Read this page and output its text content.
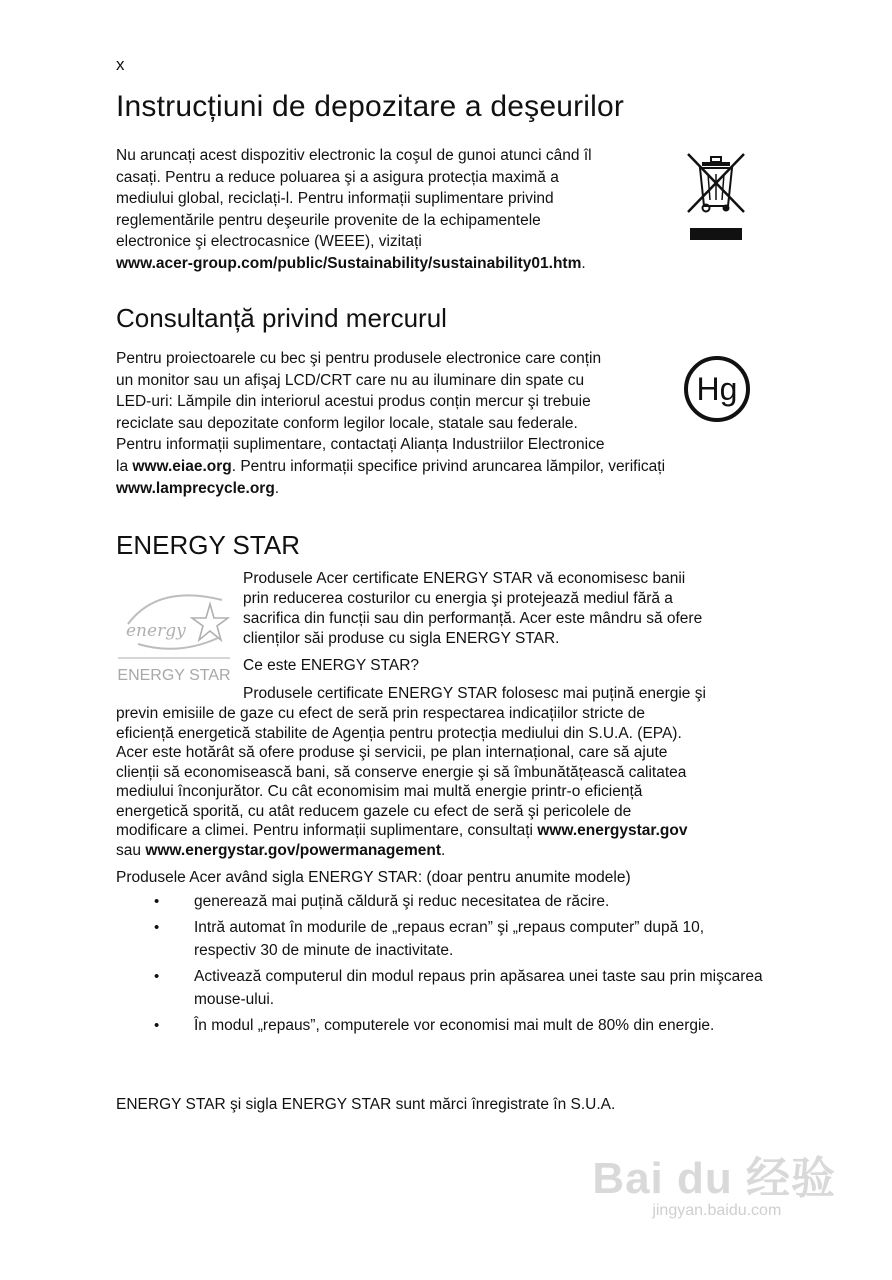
x
Instrucțiuni de depozitare a deşeurilor
Nu aruncați acest dispozitiv electronic la coşul de gunoi atunci când îl
casați. Pentru a reduce poluarea şi a asigura protecția maximă a
mediului global, reciclați-l. Pentru informații suplimentare privind
reglementările pentru deşeurile provenite de la echipamentele
electronice şi electrocasnice (WEEE), vizitați
www.acer-group.com/public/Sustainability/sustainability01.htm.
Consultanță privind mercurul
Pentru proiectoarele cu bec şi pentru produsele electronice care conțin
un monitor sau un afişaj LCD/CRT care nu au iluminare din spate cu
LED-uri: Lămpile din interiorul acestui produs conțin mercur şi trebuie
reciclate sau depozitate conform legilor locale, statale sau federale.
Pentru informații suplimentare, contactați Alianța Industriilor Electronice
la www.eiae.org. Pentru informații specifice privind aruncarea lămpilor, verificați
www.lamprecycle.org.
Hg
ENERGY STAR
energy
ENERGY STAR
Produsele Acer certificate ENERGY STAR vă economisesc banii
prin reducerea costurilor cu energia şi protejează mediul fără a
sacrifica din funcții sau din performanță. Acer este mândru să ofere
clienților săi produse cu sigla ENERGY STAR.
Ce este ENERGY STAR?
Produsele certificate ENERGY STAR folosesc mai puțină energie şi
previn emisiile de gaze cu efect de seră prin respectarea indicațiilor stricte de
eficiență energetică stabilite de Agenția pentru protecția mediului din S.U.A. (EPA).
Acer este hotărât să ofere produse şi servicii, pe plan internațional, care să ajute
clienții să economisească bani, să conserve energie şi să îmbunătățească calitatea
mediului înconjurător. Cu cât economisim mai multă energie printr-o eficiență
energetică sporită, cu atât reducem gazele cu efect de seră şi pericolele de
modificare a climei. Pentru informații suplimentare, consultați www.energystar.gov
sau www.energystar.gov/powermanagement.
Produsele Acer având sigla ENERGY STAR: (doar pentru anumite modele)
• generează mai puțină căldură şi reduc necesitatea de răcire.
• Intră automat în modurile de „repaus ecran” şi „repaus computer” după 10, respectiv 30 de minute de inactivitate.
• Activează computerul din modul repaus prin apăsarea unei taste sau prin mişcarea mouse-ului.
• În modul „repaus”, computerele vor economisi mai mult de 80% din energie.
ENERGY STAR şi sigla ENERGY STAR sunt mărci înregistrate în S.U.A.
Bai du 经验
jingyan.baidu.com
